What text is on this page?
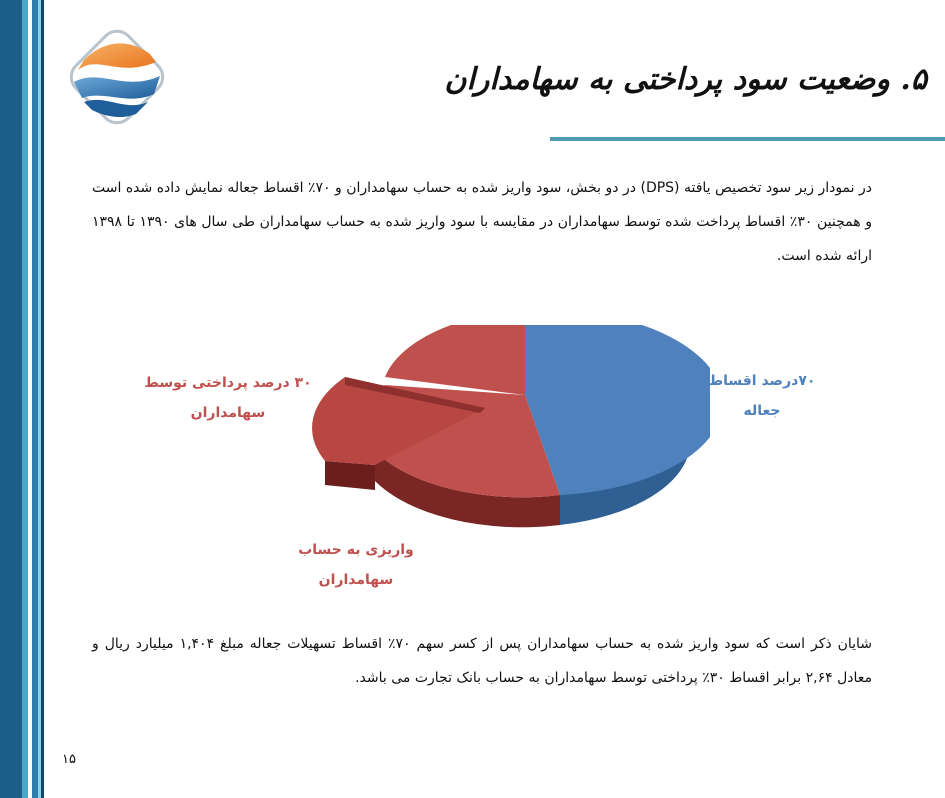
۵. وضعیت سود پرداختی به سهامداران
در نمودار زیر سود تخصیص یافته (DPS) در دو بخش، سود واریز شده به حساب سهامداران و ۷۰٪ اقساط جعاله نمایش داده شده است و همچنین ۳۰٪ اقساط پرداخت شده توسط سهامداران در مقایسه با سود واریز شده به حساب سهامداران طی سال های ۱۳۹۰ تا ۱۳۹۸ ارائه شده است.
۷۰درصد اقساط
جعاله
۳۰ درصد پرداختی توسط
سهامداران
واریزی به حساب
سهامداران
شایان ذکر است که سود واریز شده به حساب سهامداران پس از کسر سهم ۷۰٪ اقساط تسهیلات جعاله مبلغ ۱,۴۰۴ میلیارد ریال و معادل ۲,۶۴ برابر اقساط ۳۰٪ پرداختی توسط سهامداران به حساب بانک تجارت می باشد.
۱۵
